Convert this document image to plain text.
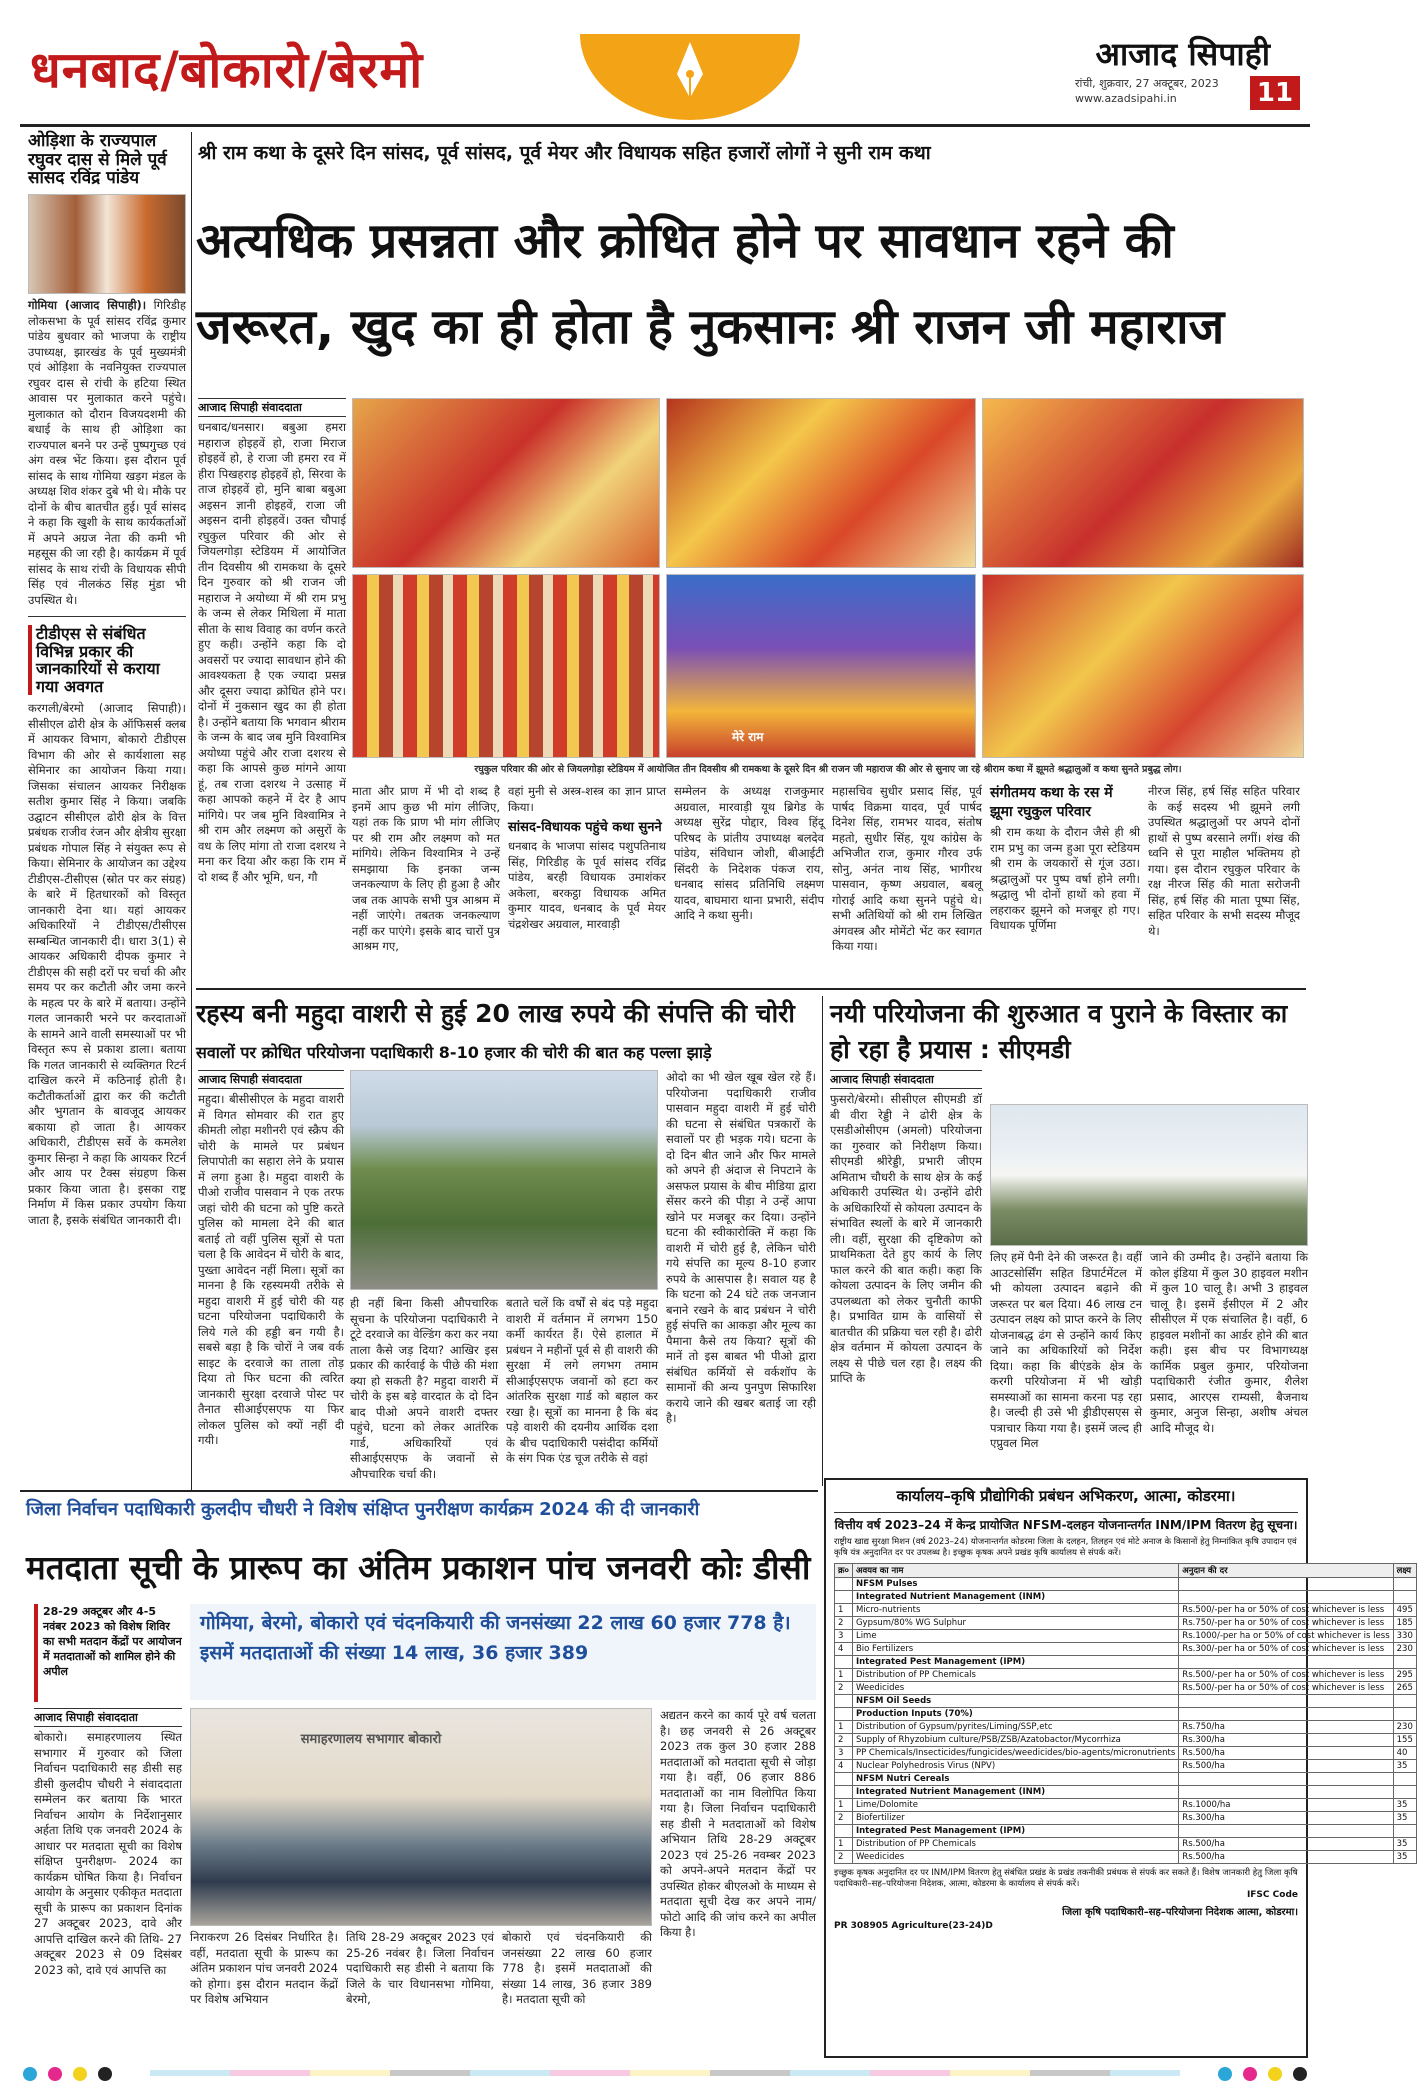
धनबाद/बोकारो/बेरमो	आजाद सिपाही
रांची, शुक्रवार, 27 अक्टूबर, 2023
www.azadsipahi.in	11
ओड़िशा के राज्यपाल रघुवर दास से मिले पूर्व सांसद रविंद्र पांडेय
गोमिया (आजाद सिपाही)। गिरिडीह लोकसभा के पूर्व सांसद रविंद्र कुमार पांडेय बुधवार को भाजपा के राष्ट्रीय उपाध्यक्ष, झारखंड के पूर्व मुख्यमंत्री एवं ओड़िशा के नवनियुक्त राज्यपाल रघुवर दास से रांची के हटिया स्थित आवास पर मुलाकात करने पहुंचे। मुलाकात को दौरान विजयदशमी की बधाई के साथ ही ओड़िशा का राज्यपाल बनने पर उन्हें पुष्पगुच्छ एवं अंग वस्त्र भेंट किया। इस दौरान पूर्व सांसद के साथ गोमिया खड़ग मंडल के अध्यक्ष शिव शंकर दुबे भी थे। मौके पर दोनों के बीच बातचीत हुई। पूर्व सांसद ने कहा कि खुशी के साथ कार्यकर्ताओं में अपने अग्रज नेता की कमी भी महसूस की जा रही है। कार्यक्रम में पूर्व सांसद के साथ रांची के विधायक सीपी सिंह एवं नीलकंठ सिंह मुंडा भी उपस्थित थे।
टीडीएस से संबंधित विभिन्न प्रकार की जानकारियों से कराया गया अवगत
करगली/बेरमो (आजाद सिपाही)। सीसीएल ढोरी क्षेत्र के ऑफिसर्स क्लब में आयकर विभाग, बोकारो टीडीएस विभाग की ओर से कार्यशाला सह सेमिनार का आयोजन किया गया। जिसका संचालन आयकर निरीक्षक सतीश कुमार सिंह ने किया। जबकि उद्घाटन सीसीएल ढोरी क्षेत्र के वित्त प्रबंधक राजीव रंजन और क्षेत्रीय सुरक्षा प्रबंधक गोपाल सिंह ने संयुक्त रूप से किया। सेमिनार के आयोजन का उद्देश्य टीडीएस-टीसीएस (स्रोत पर कर संग्रह) के बारे में हितधारकों को विस्तृत जानकारी देना था। यहां आयकर अधिकारियों ने टीडीएस/टीसीएस सम्बन्धित जानकारी दी। धारा 3(1) से आयकर अधिकारी दीपक कुमार ने टीडीएस की सही दरों पर चर्चा की और समय पर कर कटौती और जमा करने के महत्व पर के बारे में बताया। उन्होंने गलत जानकारी भरने पर करदाताओं के सामने आने वाली समस्याओं पर भी विस्तृत रूप से प्रकाश डाला। बताया कि गलत जानकारी से व्यक्तिगत रिटर्न दाखिल करने में कठिनाई होती है। कटौतीकर्ताओं द्वारा कर की कटौती और भुगतान के बावजूद आयकर बकाया हो जाता है। आयकर अधिकारी, टीडीएस सर्वे के कमलेश कुमार सिन्हा ने कहा कि आयकर रिटर्न और आय पर टैक्स संग्रहण किस प्रकार किया जाता है। इसका राष्ट्र निर्माण में किस प्रकार उपयोग किया जाता है, इसके संबंधित जानकारी दी।
श्री राम कथा के दूसरे दिन सांसद, पूर्व सांसद, पूर्व मेयर और विधायक सहित हजारों लोगों ने सुनी राम कथा
अत्यधिक प्रसन्नता और क्रोधित होने पर सावधान रहने की जरूरत, खुद का ही होता है नुकसानः श्री राजन जी महाराज
आजाद सिपाही संवाददाता
धनबाद/धनसार। बबुआ हमरा महाराज होइहवें हो, राजा मिराज होइहवें हो, हे राजा जी हमरा रव में हीरा पिखहराइ होइहवें हो, सिरवा के ताज होइहवें हो, मुनि बाबा बबुआ अइसन ज्ञानी होइहवें, राजा जी अइसन दानी होइहवें। उक्त चौपाई रघुकुल परिवार की ओर से जियलगोड़ा स्टेडियम में आयोजित तीन दिवसीय श्री रामकथा के दूसरे दिन गुरुवार को श्री राजन जी महाराज ने अयोध्या में श्री राम प्रभु के जन्म से लेकर मिथिला में माता सीता के साथ विवाह का वर्णन करते हुए कही। उन्होंने कहा कि दो अवसरों पर ज्यादा सावधान होने की आवश्यकता है एक ज्यादा प्रसन्न और दूसरा ज्यादा क्रोधित होने पर। दोनों में नुकसान खुद का ही होता है। उन्होंने बताया कि भगवान श्रीराम के जन्म के बाद जब मुनि विश्वामित्र अयोध्या पहुंचे और राजा दशरथ से कहा कि आपसे कुछ मांगने आया हूं, तब राजा दशरथ ने उत्साह में कहा आपको कहने में देर है आप मांगिये। पर जब मुनि विश्वामित्र ने श्री राम और लक्ष्मण को असुरों के वध के लिए मांगा तो राजा दशरथ ने मना कर दिया और कहा कि राम में दो शब्द हैं और भूमि, धन, गौ
मेरे राम
रघुकुल परिवार की ओर से जियलगोड़ा स्टेडियम में आयोजित तीन दिवसीय श्री रामकथा के दूसरे दिन श्री राजन जी महाराज की ओर से सुनाए जा रहे श्रीराम कथा में झूमते श्रद्धालुओं व कथा सुनते प्रबुद्ध लोग।
माता और प्राण में भी दो शब्द है इनमें आप कुछ भी मांग लीजिए, यहां तक कि प्राण भी मांग लीजिए पर श्री राम और लक्ष्मण को मत मांगिये। लेकिन विश्वामित्र ने उन्हें समझाया कि इनका जन्म जनकल्याण के लिए ही हुआ है और जब तक आपके सभी पुत्र आश्रम में नहीं जाएंगे। तबतक जनकल्याण नहीं कर पाएंगे। इसके बाद चारों पुत्र आश्रम गए,
वहां मुनी से अस्त्र-शस्त्र का ज्ञान प्राप्त किया।
सांसद-विधायक पहुंचे कथा सुनने
धनबाद के भाजपा सांसद पशुपतिनाथ सिंह, गिरिडीह के पूर्व सांसद रविंद्र पांडेय, बरही विधायक उमाशंकर अकेला, बरकट्ठा विधायक अमित कुमार यादव, धनबाद के पूर्व मेयर चंद्रशेखर अग्रवाल, मारवाड़ी
सम्मेलन के अध्यक्ष राजकुमार अग्रवाल, मारवाड़ी यूथ ब्रिगेड के अध्यक्ष सुरेंद्र पोद्दार, विश्व हिंदू परिषद के प्रांतीय उपाध्यक्ष बलदेव पांडेय, संविधान जोशी, बीआईटी सिंदरी के निदेशक पंकज राय, धनबाद सांसद प्रतिनिधि लक्ष्मण यादव, बाघमारा थाना प्रभारी, संदीप आदि ने कथा सुनी।
महासचिव सुधीर प्रसाद सिंह, पूर्व पार्षद विक्रमा यादव, पूर्व पार्षद दिनेश सिंह, रामभर यादव, संतोष महतो, सुधीर सिंह, यूथ कांग्रेस के अभिजीत राज, कुमार गौरव उर्फ सोनु, अनंत नाथ सिंह, भागीरथ पासवान, कृष्ण अग्रवाल, बबलू गोराई आदि कथा सुनने पहुंचे थे। सभी अतिथियों को श्री राम लिखित अंगवस्त्र और मोमेंटो भेंट कर स्वागत किया गया।
संगीतमय कथा के रस में झूमा रघुकुल परिवार
श्री राम कथा के दौरान जैसे ही श्री राम प्रभु का जन्म हुआ पूरा स्टेडियम श्री राम के जयकारों से गूंज उठा। श्रद्धालुओं पर पुष्प वर्षा होने लगी। श्रद्धालु भी दोनों हाथों को हवा में लहराकर झूमने को मजबूर हो गए। विधायक पूर्णिमा
नीरज सिंह, हर्ष सिंह सहित परिवार के कई सदस्य भी झूमने लगी उपस्थित श्रद्धालुओं पर अपने दोनों हाथों से पुष्प बरसाने लगीं। शंख की ध्वनि से पूरा माहौल भक्तिमय हो गया। इस दौरान रघुकुल परिवार के रक्ष नीरज सिंह की माता सरोजनी सिंह, हर्ष सिंह की माता पूष्पा सिंह, सहित परिवार के सभी सदस्य मौजूद थे।
रहस्य बनी महुदा वाशरी से हुई 20 लाख रुपये की संपत्ति की चोरी
सवालों पर क्रोधित परियोजना पदाधिकारी 8-10 हजार की चोरी की बात कह पल्ला झाड़े
आजाद सिपाही संवाददाता
महुदा। बीसीसीएल के महुदा वाशरी में विगत सोमवार की रात हुए कीमती लोहा मशीनरी एवं स्क्रैप की चोरी के मामले पर प्रबंधन लिपापोती का सहारा लेने के प्रयास में लगा हुआ है। महुदा वाशरी के पीओ राजीव पासवान ने एक तरफ जहां चोरी की घटना को पुष्टि करते पुलिस को मामला देने की बात बताई तो वहीं पुलिस सूत्रों से पता चला है कि आवेदन में चोरी के बाद, पुख्ता आवेदन नहीं मिला। सूत्रों का मानना है कि रहस्यमयी तरीके से महुदा वाशरी में हुई चोरी की यह घटना परियोजना पदाधिकारी के लिये गले की हड्डी बन गयी है। सबसे बड़ा है कि चोरों ने जब वर्क साइट के दरवाजे का ताला तोड़ दिया तो फिर घटना की त्वरित जानकारी सुरक्षा दरवाजे पोस्ट पर तैनात सीआईएसएफ या फिर लोकल पुलिस को क्यों नहीं दी गयी।
ही नहीं बिना किसी औपचारिक सूचना के परियोजना पदाधिकारी ने टूटे दरवाजे का वेल्डिंग करा कर नया ताला कैसे जड़ दिया? आखिर इस प्रकार की कार्रवाई के पीछे की मंशा क्या हो सकती है? महुदा वाशरी में चोरी के इस बड़े वारदात के दो दिन बाद पीओ अपने वाशरी दफ्तर पहुंचे, घटना को लेकर आतंरिक गार्ड, अधिकारियों एवं सीआईएसएफ के जवानों से औपचारिक चर्चा की।
बताते चलें कि वर्षों से बंद पड़े महुदा वाशरी में वर्तमान में लगभग 150 कर्मी कार्यरत हैं। ऐसे हालात में प्रबंधन ने महीनों पूर्व से ही वाशरी की सुरक्षा में लगे लगभग तमाम सीआईएसएफ जवानों को हटा कर आंतरिक सुरक्षा गार्ड को बहाल कर रखा है। सूत्रों का मानना है कि बंद पड़े वाशरी की दयनीय आर्थिक दशा के बीच पदाधिकारी पसंदीदा कर्मियों के संग पिक एंड चूज तरीके से वहां
ओदो का भी खेल खूब खेल रहे हैं। परियोजना पदाधिकारी राजीव पासवान महुदा वाशरी में हुई चोरी की घटना से संबंधित पत्रकारों के सवालों पर ही भड़क गये। घटना के दो दिन बीत जाने और फिर मामले को अपने ही अंदाज से निपटाने के असफल प्रयास के बीच मीडिया द्वारा सेंसर करने की पीड़ा ने उन्हें आपा खोने पर मजबूर कर दिया। उन्होंने घटना की स्वीकारोक्ति में कहा कि वाशरी में चोरी हुई है, लेकिन चोरी गये संपत्ति का मूल्य 8-10 हजार रुपये के आसपास है। सवाल यह है कि घटना को 24 घंटे तक जनजान बनाने रखने के बाद प्रबंधन ने चोरी हुई संपत्ति का आकड़ा और मूल्य का पैमाना कैसे तय किया? सूत्रों की मानें तो इस बाबत भी पीओ द्वारा संबंधित कर्मियों से वर्कशॉप के सामानों की अन्य पुनपुण सिफारिश कराये जाने की खबर बताई जा रही है।
नयी परियोजना की शुरुआत व पुराने के विस्तार का हो रहा है प्रयास : सीएमडी
आजाद सिपाही संवाददाता
फुसरो/बेरमो। सीसीएल सीएमडी डॉ बी वीरा रेड्डी ने ढोरी क्षेत्र के एसडीओसीएम (अमलो) परियोजना का गुरुवार को निरीक्षण किया। सीएमडी श्रीरेड्डी, प्रभारी जीएम अमिताभ चौधरी के साथ क्षेत्र के कई अधिकारी उपस्थित थे। उन्होंने ढोरी के अधिकारियों से कोयला उत्पादन के संभावित स्थलों के बारे में जानकारी ली। वहीं, सुरक्षा की दृष्टिकोण को प्राथमिकता देते हुए कार्य के लिए फाल करने की बात कही। कहा कि कोयला उत्पादन के लिए जमीन की उपलब्धता को लेकर चुनौती काफी है। प्रभावित ग्राम के वासियों से बातचीत की प्रक्रिया चल रही है। ढोरी क्षेत्र वर्तमान में कोयला उत्पादन के लक्ष्य से पीछे चल रहा है। लक्ष्य की प्राप्ति के
लिए हमें पैनी देने की जरूरत है। वहीं आउटसोर्सिंग सहित डिपार्टमेंटल में भी कोयला उत्पादन बढ़ाने की जरूरत पर बल दिया। 46 लाख टन उत्पादन लक्ष्य को प्राप्त करने के लिए योजनाबद्ध ढंग से उन्होंने कार्य किए जाने का अधिकारियों को निर्देश दिया। कहा कि बीएंडके क्षेत्र के करगी परियोजना में भी खोड़ी समस्याओं का सामना करना पड़ रहा है। जल्दी ही उसे भी ड्रीडीएसएस से पत्राचार किया गया है। इसमें जल्द ही एप्रुवल मिल
जाने की उम्मीद है। उन्होंने बताया कि कोल इंडिया में कुल 30 हाइवल मशीन में कुल 10 चालू है। अभी 3 हाइवल चालू है। इसमें ईसीएल में 2 और सीसीएल में एक संचालित है। वहीं, 6 हाइवल मशीनों का आर्डर होने की बात कही। इस बीच पर विभागध्यक्ष कार्मिक प्रबुल कुमार, परियोजना पदाधिकारी रंजीत कुमार, शैलेश प्रसाद, आरएस राम्यसी, बैजनाथ कुमार, अनुज सिन्हा, अशीष अंचल आदि मौजूद थे।
कार्यालय–कृषि प्रौद्योगिकी प्रबंधन अभिकरण, आत्मा, कोडरमा।
वित्तीय वर्ष 2023–24 में केन्द्र प्रायोजित NFSM-दलहन योजनान्तर्गत INM/IPM वितरण हेतु सूचना।
राष्ट्रीय खाद्य सुरक्षा मिशन (वर्ष 2023–24) योजनान्तर्गत कोडरमा जिला के दलहन, तिलहन एवं मोटे अनाज के किसानों हेतु निम्नांकित कृषि उपादान एवं कृषि यंत्र अनुदानित दर पर उपलब्ध है। इच्छुक कृषक अपने प्रखंड कृषि कार्यालय से संपर्क करें।
क्र०	अवयव का नाम	अनुदान की दर	लक्ष्य
	NFSM Pulses		
	Integrated Nutrient Management (INM)		
1	Micro-nutrients	Rs.500/-per ha or 50% of cost whichever is less	495
2	Gypsum/80% WG Sulphur	Rs.750/-per ha or 50% of cost whichever is less	185
3	Lime	Rs.1000/-per ha or 50% of cost whichever is less	330
4	Bio Fertilizers	Rs.300/-per ha or 50% of cost whichever is less	230
	Integrated Pest Management (IPM)		
1	Distribution of PP Chemicals	Rs.500/-per ha or 50% of cost whichever is less	295
2	Weedicides	Rs.500/-per ha or 50% of cost whichever is less	265
	NFSM Oil Seeds		
	Production Inputs (70%)		
1	Distribution of Gypsum/pyrites/Liming/SSP,etc	Rs.750/ha	230
2	Supply of Rhyzobium culture/PSB/ZSB/Azatobactor/Mycorrhiza	Rs.300/ha	155
3	PP Chemicals/Insecticides/fungicides/weedicides/bio-agents/micronutrients	Rs.500/ha	40
4	Nuclear Polyhedrosis Virus (NPV)	Rs.500/ha	35
	NFSM Nutri Cereals		
	Integrated Nutrient Management (INM)		
1	Lime/Dolomite	Rs.1000/ha	35
2	Biofertilizer	Rs.300/ha	35
	Integrated Pest Management (IPM)		
1	Distribution of PP Chemicals	Rs.500/ha	35
2	Weedicides	Rs.500/ha	35
इच्छुक कृषक अनुदानित दर पर INM/IPM वितरण हेतु संबंधित प्रखंड के प्रखंड तकनीकी प्रबंधक से संपर्क कर सकते हैं। विशेष जानकारी हेतु जिला कृषि पदाधिकारी–सह–परियोजना निदेशक, आत्मा, कोडरमा के कार्यालय से संपर्क करें।
IFSC Code
जिला कृषि पदाधिकारी–सह–परियोजना निदेशक आत्मा, कोडरमा।
PR 308905 Agriculture(23-24)D
जिला निर्वाचन पदाधिकारी कुलदीप चौधरी ने विशेष संक्षिप्त पुनरीक्षण कार्यक्रम 2024 की दी जानकारी
मतदाता सूची के प्रारूप का अंतिम प्रकाशन पांच जनवरी कोः डीसी
28-29 अक्टूबर और 4-5 नवंबर 2023 को विशेष शिविर का सभी मतदान केंद्रों पर आयोजन में मतदाताओं को शामिल होने की अपील
गोमिया, बेरमो, बोकारो एवं चंदनकियारी की जनसंख्या 22 लाख 60 हजार 778 है। इसमें मतदाताओं की संख्या 14 लाख, 36 हजार 389
आजाद सिपाही संवाददाता
बोकारो। समाहरणालय स्थित सभागार में गुरुवार को जिला निर्वाचन पदाधिकारी सह डीसी सह डीसी कुलदीप चौधरी ने संवाददाता सम्मेलन कर बताया कि भारत निर्वाचन आयोग के निर्देशानुसार अर्हता तिथि एक जनवरी 2024 के आधार पर मतदाता सूची का विशेष संक्षिप्त पुनरीक्षण- 2024 का कार्यक्रम घोषित किया है। निर्वाचन आयोग के अनुसार एकीकृत मतदाता सूची के प्रारूप का प्रकाशन दिनांक 27 अक्टूबर 2023, दावे और आपत्ति दाखिल करने की तिथि- 27 अक्टूबर 2023 से 09 दिसंबर 2023 को, दावे एवं आपत्ति का
समाहरणालय सभागार बोकारो
निराकरण 26 दिसंबर निर्धारित है। वहीं, मतदाता सूची के प्रारूप का अंतिम प्रकाशन पांच जनवरी 2024 को होगा। इस दौरान मतदान केंद्रों पर विशेष अभियान
तिथि 28-29 अक्टूबर 2023 एवं 25-26 नवंबर है। जिला निर्वाचन पदाधिकारी सह डीसी ने बताया कि जिले के चार विधानसभा गोमिया, बेरमो,
बोकारो एवं चंदनकियारी की जनसंख्या 22 लाख 60 हजार 778 है। इसमें मतदाताओं की संख्या 14 लाख, 36 हजार 389 है। मतदाता सूची को
अद्यतन करने का कार्य पूरे वर्ष चलता है। छह जनवरी से 26 अक्टूबर 2023 तक कुल 30 हजार 288 मतदाताओं को मतदाता सूची से जोड़ा गया है। वहीं, 06 हजार 886 मतदाताओं का नाम विलोपित किया गया है। जिला निर्वाचन पदाधिकारी सह डीसी ने मतदाताओं को विशेष अभियान तिथि 28-29 अक्टूबर 2023 एवं 25-26 नवम्बर 2023 को अपने-अपने मतदान केंद्रों पर उपस्थित होकर बीएलओ के माध्यम से मतदाता सूची देख कर अपने नाम/फोटो आदि की जांच करने का अपील किया है।
